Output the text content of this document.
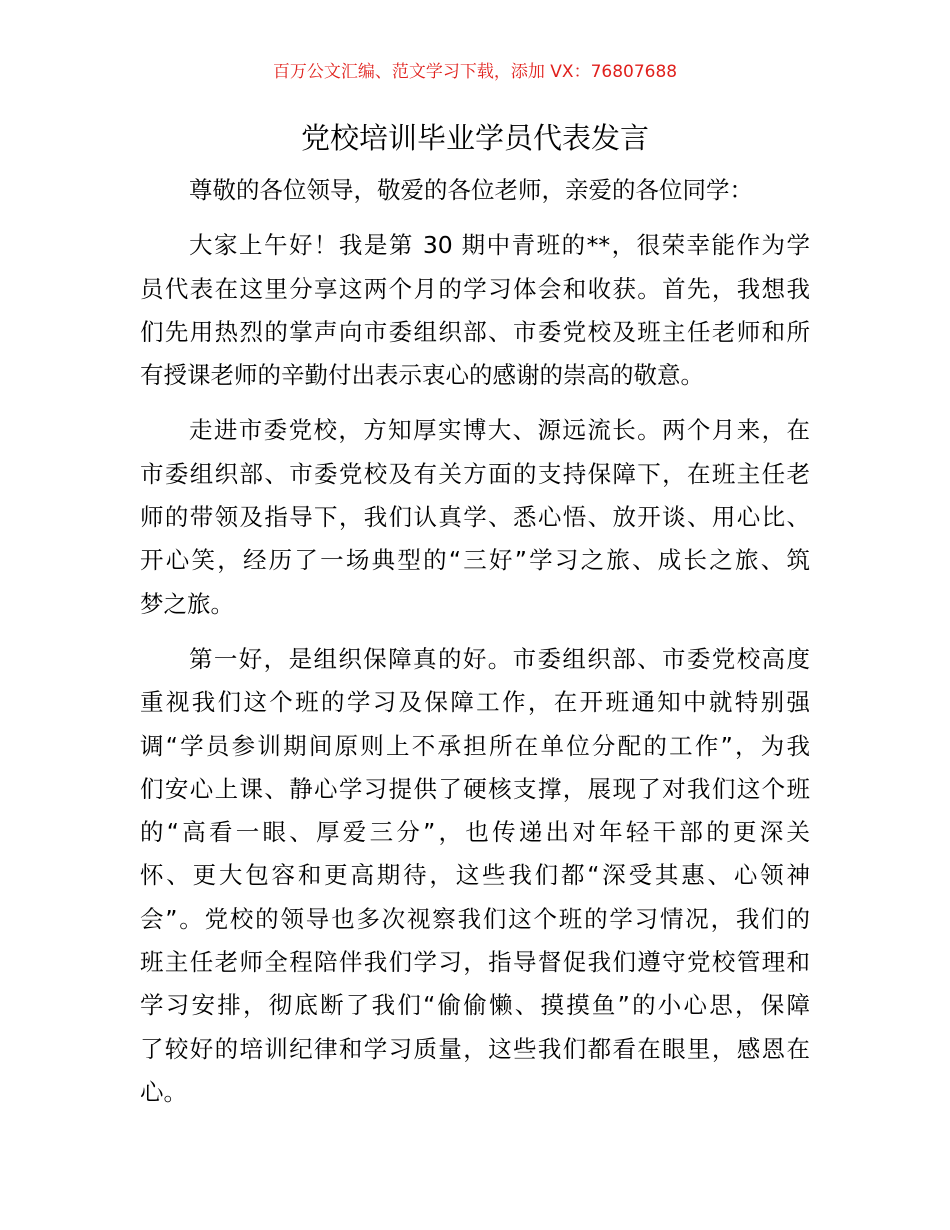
百万公文汇编、范文学习下载，添加 VX：76807688
党校培训毕业学员代表发言
尊敬的各位领导，敬爱的各位老师，亲爱的各位同学：
大家上午好！我是第 30 期中青班的**，很荣幸能作为学
员代表在这里分享这两个月的学习体会和收获。首先，我想我
们先用热烈的掌声向市委组织部、市委党校及班主任老师和所
有授课老师的辛勤付出表示衷心的感谢的崇高的敬意。
走进市委党校，方知厚实博大、源远流长。两个月来，在
市委组织部、市委党校及有关方面的支持保障下，在班主任老
师的带领及指导下，我们认真学、悉心悟、放开谈、用心比、
开心笑，经历了一场典型的“三好”学习之旅、成长之旅、筑
梦之旅。
第一好，是组织保障真的好。市委组织部、市委党校高度
重视我们这个班的学习及保障工作，在开班通知中就特别强
调“学员参训期间原则上不承担所在单位分配的工作”，为我
们安心上课、静心学习提供了硬核支撑，展现了对我们这个班
的“高看一眼、厚爱三分”，也传递出对年轻干部的更深关
怀、更大包容和更高期待，这些我们都“深受其惠、心领神
会”。党校的领导也多次视察我们这个班的学习情况，我们的
班主任老师全程陪伴我们学习，指导督促我们遵守党校管理和
学习安排，彻底断了我们“偷偷懒、摸摸鱼”的小心思，保障
了较好的培训纪律和学习质量，这些我们都看在眼里，感恩在
心。
